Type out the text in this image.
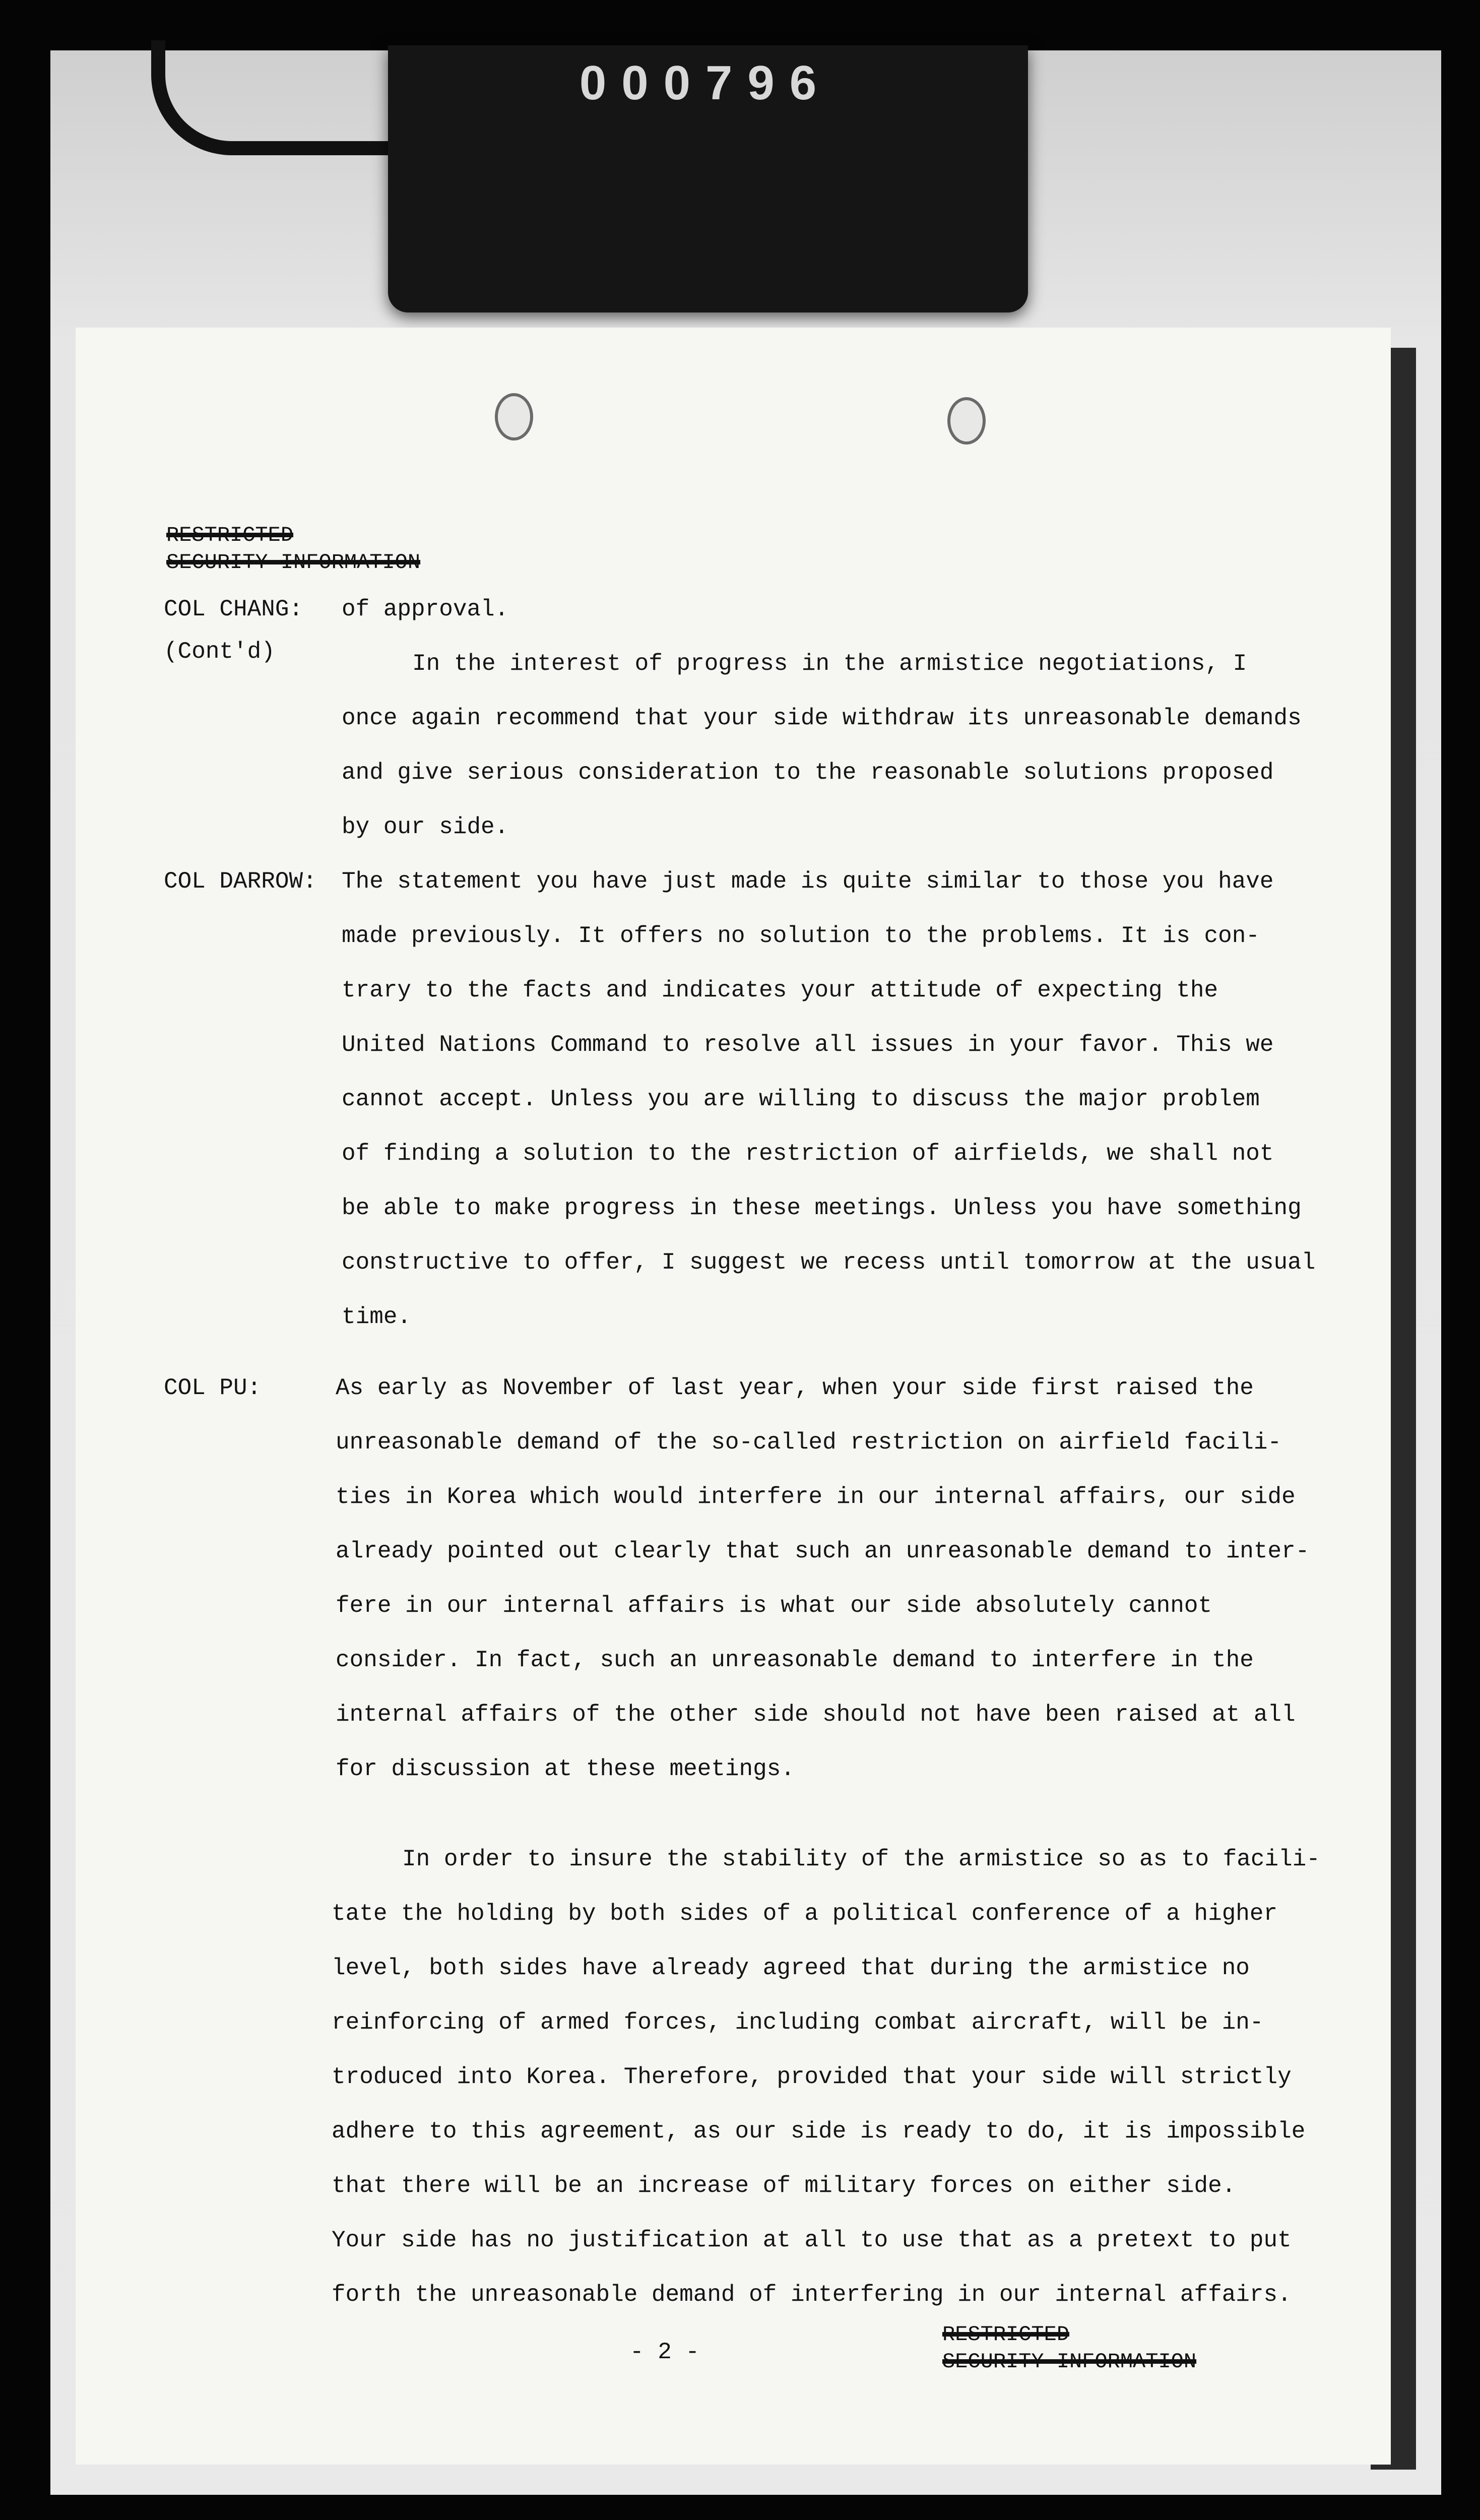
000796
RESTRICTED
SECURITY INFORMATION
COL CHANG:
(Cont'd)
of approval.
In the interest of progress in the armistice negotiations, I
once again recommend that your side withdraw its unreasonable demands
and give serious consideration to the reasonable solutions proposed
by our side.
COL DARROW: The statement you have just made is quite similar to those you have
made previously. It offers no solution to the problems. It is con-
trary to the facts and indicates your attitude of expecting the
United Nations Command to resolve all issues in your favor. This we
cannot accept. Unless you are willing to discuss the major problem
of finding a solution to the restriction of airfields, we shall not
be able to make progress in these meetings. Unless you have something
constructive to offer, I suggest we recess until tomorrow at the usual
time.
COL PU:	As early as November of last year, when your side first raised the
unreasonable demand of the so-called restriction on airfield facili-
ties in Korea which would interfere in our internal affairs, our side
already pointed out clearly that such an unreasonable demand to inter-
fere in our internal affairs is what our side absolutely cannot
consider. In fact, such an unreasonable demand to interfere in the
internal affairs of the other side should not have been raised at all
for discussion at these meetings.
In order to insure the stability of the armistice so as to facili-
tate the holding by both sides of a political conference of a higher
level, both sides have already agreed that during the armistice no
reinforcing of armed forces, including combat aircraft, will be in-
troduced into Korea. Therefore, provided that your side will strictly
adhere to this agreement, as our side is ready to do, it is impossible
that there will be an increase of military forces on either side.
Your side has no justification at all to use that as a pretext to put
forth the unreasonable demand of interfering in our internal affairs.
- 2 -
RESTRICTED
SECURITY INFORMATION
